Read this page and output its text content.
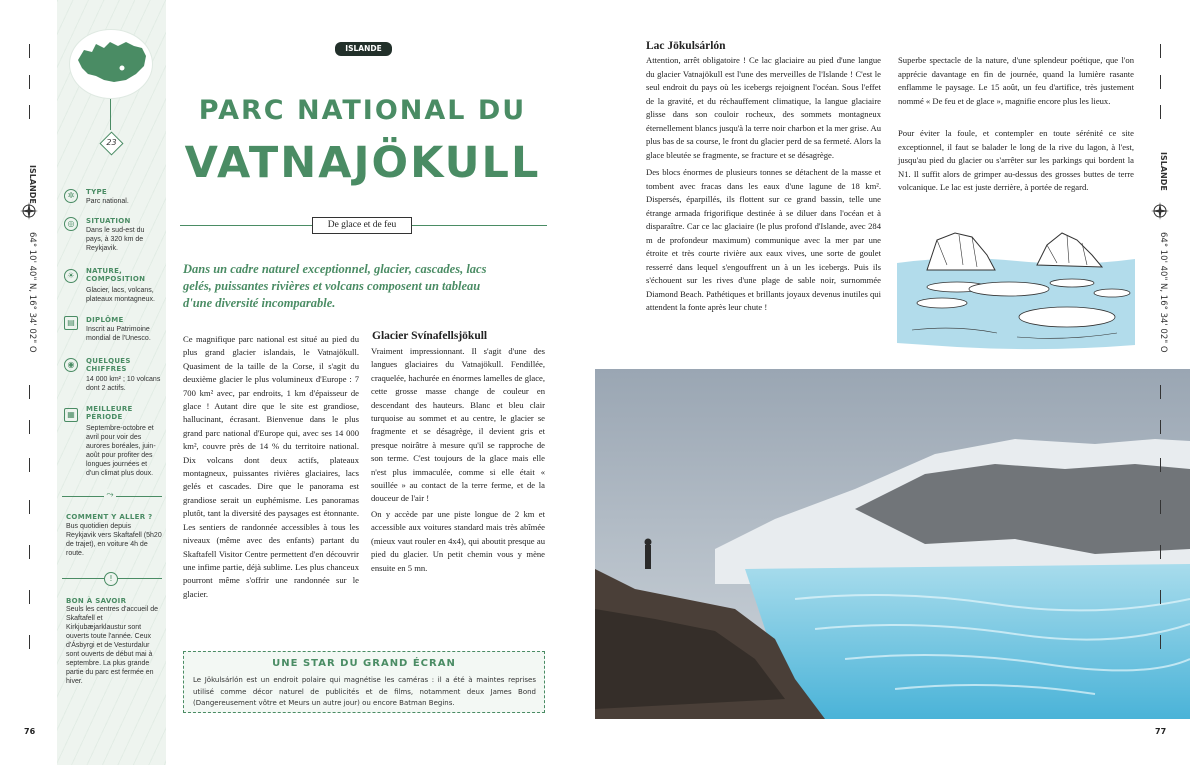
ISLANDE
64° 10' 40" N, 16° 34' 02" O
76
23
✲	TYPE
Parc national.
◎	SITUATION
Dans le sud-est du pays, à 320 km de Reykjavik.
☀	NATURE, COMPOSITION
Glacier, lacs, volcans, plateaux montagneux.
▤	DIPLÔME
Inscrit au Patrimoine mondial de l'Unesco.
◉	QUELQUES CHIFFRES
14 000 km² ; 10 volcans dont 2 actifs.
▦
MEILLEURE PÉRIODE
Septembre-octobre et avril pour voir des aurores boréales, juin-août pour profiter des longues journées et d'un climat plus doux.
⤳
COMMENT Y ALLER ?
Bus quotidien depuis Reykjavik vers Skaftafell (5h20 de trajet), en voiture 4h de route.
!
BON À SAVOIR
Seuls les centres d'accueil de Skaftafell et Kirkjubæjarklaustur sont ouverts toute l'année. Ceux d'Ásbyrgi et de Vesturdalur sont ouverts de début mai à septembre. La plus grande partie du parc est fermée en hiver.
ISLANDE
PARC NATIONAL DU
VATNAJÖKULL
De glace et de feu
Dans un cadre naturel exceptionnel, glacier, cascades, lacs gelés, puissantes rivières et volcans composent un tableau d'une diversité incomparable.
Ce magnifique parc national est situé au pied du plus grand glacier islandais, le Vatnajökull. Quasiment de la taille de la Corse, il s'agit du deuxième glacier le plus volumineux d'Europe : 7 700 km² avec, par endroits, 1 km d'épaisseur de glace ! Autant dire que le site est grandiose, hallucinant, écrasant. Bienvenue dans le plus grand parc national d'Europe qui, avec ses 14 000 km², couvre près de 14 % du territoire national. Dix volcans dont deux actifs, plateaux montagneux, puissantes rivières glaciaires, lacs gelés et cascades. Dire que le panorama est grandiose serait un euphémisme. Les panoramas plutôt, tant la diversité des paysages est étonnante. Les sentiers de randonnée accessibles à tous les niveaux (même avec des enfants) partant du Skaftafell Visitor Centre permettent d'en découvrir une infime partie, déjà sublime. Les plus chanceux pourront même s'offrir une randonnée sur le glacier.
Glacier Svínafellsjökull
Vraiment impressionnant. Il s'agit d'une des langues glaciaires du Vatnajökull. Fendillée, craquelée, hachurée en énormes lamelles de glace, cette grosse masse change de couleur en descendant des hauteurs. Blanc et bleu clair turquoise au sommet et au centre, le glacier se fragmente et se désagrège, il devient gris et presque noirâtre à mesure qu'il se rapproche de son terme. C'est toujours de la glace mais elle n'est plus immaculée, comme si elle était « souillée » au contact de la terre ferme, et de la douceur de l'air !
On y accède par une piste longue de 2 km et accessible aux voitures standard mais très abîmée (mieux vaut rouler en 4x4), qui aboutit presque au pied du glacier. Un petit chemin vous y mène ensuite en 5 mn.
UNE STAR DU GRAND ÉCRAN
Le Jökulsárlón est un endroit polaire qui magnétise les caméras : il a été à maintes reprises utilisé comme décor naturel de publicités et de films, notamment deux James Bond (Dangereusement vôtre et Meurs un autre jour) ou encore Batman Begins.
Lac Jökulsárlón
Attention, arrêt obligatoire ! Ce lac glaciaire au pied d'une langue du glacier Vatnajökull est l'une des merveilles de l'Islande ! C'est le seul endroit du pays où les icebergs rejoignent l'océan. Sous l'effet de la gravité, et du réchauffement climatique, la langue glaciaire glisse dans son couloir rocheux, des sommets montagneux éternellement blancs jusqu'à la terre noir charbon et la mer grise. Au plus bas de sa course, le front du glacier perd de sa fermeté. Alors la glace bleutée se fragmente, se fracture et se désagrège.
Des blocs énormes de plusieurs tonnes se détachent de la masse et tombent avec fracas dans les eaux d'une lagune de 18 km². Dispersés, éparpillés, ils flottent sur ce grand bassin, telle une étrange armada frigorifique destinée à se diluer dans l'océan et à disparaître. Car ce lac glaciaire (le plus profond d'Islande, avec 284 m de profondeur maximum) communique avec la mer par une étroite et très courte rivière aux eaux vives, une sorte de goulet resserré dans lequel s'engouffrent un à un les icebergs. Puis ils s'échouent sur les rives d'une plage de sable noir, surnommée Diamond Beach. Pathétiques et brillants joyaux devenus inutiles qui attendent la fonte après leur chute !
Superbe spectacle de la nature, d'une splendeur poétique, que l'on apprécie davantage en fin de journée, quand la lumière rasante enflamme le paysage. Le 15 août, un feu d'artifice, très justement nommé « De feu et de glace », magnifie encore plus les lieux.
Pour éviter la foule, et contempler en toute sérénité ce site exceptionnel, il faut se balader le long de la rive du lagon, à l'est, jusqu'au pied du glacier ou s'arrêter sur les parkings qui bordent la N1. Il suffit alors de grimper au-dessus des grosses buttes de terre volcanique. Le lac est juste derrière, à portée de regard.	ISLANDE
64° 10' 40" N, 16° 34' 02" O
77
